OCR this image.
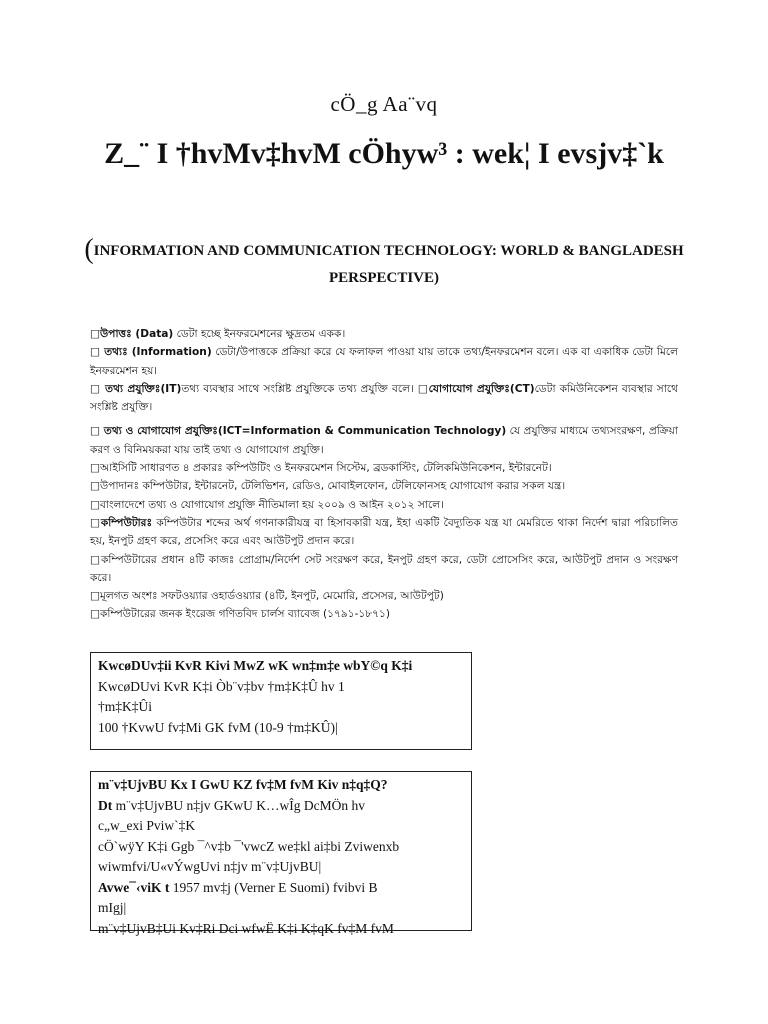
cÖ_g Aa¨vq
Z_¨ I †hvMv‡hvM cÖhyw³ : wek¦ I evsjv‡`k
(INFORMATION AND COMMUNICATION TECHNOLOGY: WORLD & BANGLADESH PERSPECTIVE)

□উপাত্তঃ (Data) ডেটা হচ্ছে ইনফরমেশনের ক্ষুদ্রতম একক।

□ তথ্যঃ (Information) ডেটা/উপাত্তকে প্রক্রিয়া করে যে ফলাফল পাওয়া যায় তাকে তথ্য/ইনফরমেশন বলে। এক বা একাধিক ডেটা মিলে ইনফরমেশন হয়।

□ তথ্য প্রযুক্তিঃ(IT)তথ্য ব্যবস্থার সাথে সংশ্লিষ্ট প্রযুক্তিকে তথ্য প্রযুক্তি বলে। □যোগাযোগ প্রযুক্তিঃ(CT)ডেটা কমিউনিকেশন ব্যবস্থার সাথে সংশ্লিষ্ট প্রযুক্তি।

□ তথ্য ও যোগাযোগ প্রযুক্তিঃ(ICT=Information & Communication Technology) যে প্রযুক্তির মাধ্যমে তথ্যসংরক্ষণ, প্রক্রিয়া করণ ও বিনিময়করা যায় তাই তথ্য ও যোগাযোগ প্রযুক্তি।

□আইসিটি সাধারণত ৪ প্রকারঃ কম্পিউটিং ও ইনফরমেশন সিস্টেম, ব্রডকাস্টিং, টেলিকমিউনিকেশন, ইন্টারনেট।

□উপাদানঃ কম্পিউটার, ইন্টারনেট, টেলিভিশন, রেডিও, মোবাইলফোন, টেলিফোনসহ যোগাযোগ করার সকল যন্ত্র।

□বাংলাদেশে তথ্য ও যোগাযোগ প্রযুক্তি নীতিমালা হয় ২০০৯ ও আইন ২০১২ সালে।

□কম্পিউটারঃ কম্পিউটার শব্দের অর্থ গণনাকারীযন্ত্র বা হিসাবকারী যন্ত্র, ইহা একটি বৈদ্যুতিক যন্ত্র যা মেমরিতে থাকা নির্দেশ দ্বারা পরিচালিত হয়, ইনপুট গ্রহণ করে, প্রসেসিং করে এবং আউটপুট প্রদান করে।

□কম্পিউটারের প্রধান ৪টি কাজঃ প্রোগ্রাম/নির্দেশ সেট সংরক্ষণ করে, ইনপুট গ্রহণ করে, ডেটা প্রোসেসিং করে, আউটপুট প্রদান ও সংরক্ষণ করে।

□মূলগত অংশঃ সফটওয়্যার ওহার্ডওয়্যার (৪টি, ইনপুট, মেমোরি, প্রসেসর, আউটপুট)

□কম্পিউটারের জনক ইংরেজ গণিতবিদ চার্লস ব্যাবেজ (১৭৯১-১৮৭১)

KwcøDUv‡ii KvR Kivi MwZ wK wn‡m‡e wbY©q K‡i
KwcøDUvi KvR K‡i Òb¨v‡bv †m‡K‡Û hv 1
†m‡K‡Ûi
100 †KvwU fv‡Mi GK fvM (10-9 †m‡KÛ)|
m¨v‡UjvBU Kx I GwU KZ fv‡M fvM Kiv n‡q‡Q?
Dt m¨v‡UjvBU n‡jv GKwU K…wÎg DcMÖn hv
c„w_exi Pviw`‡K
cÖ`wÿY K‡i Ggb ¯^v‡b ¯'vwcZ we‡kl ai‡bi Zviwenxb
wiwmfvi/U«vÝwgUvi n‡jv m¨v‡UjvBU|
Avwe¯‹viK t 1957 mv‡j (Verner E Suomi) fvibvi B
mIgj|
m¨v‡UjvB‡Ui Kv‡Ri Dci wfwË K‡i K‡qK fv‡M fvM
